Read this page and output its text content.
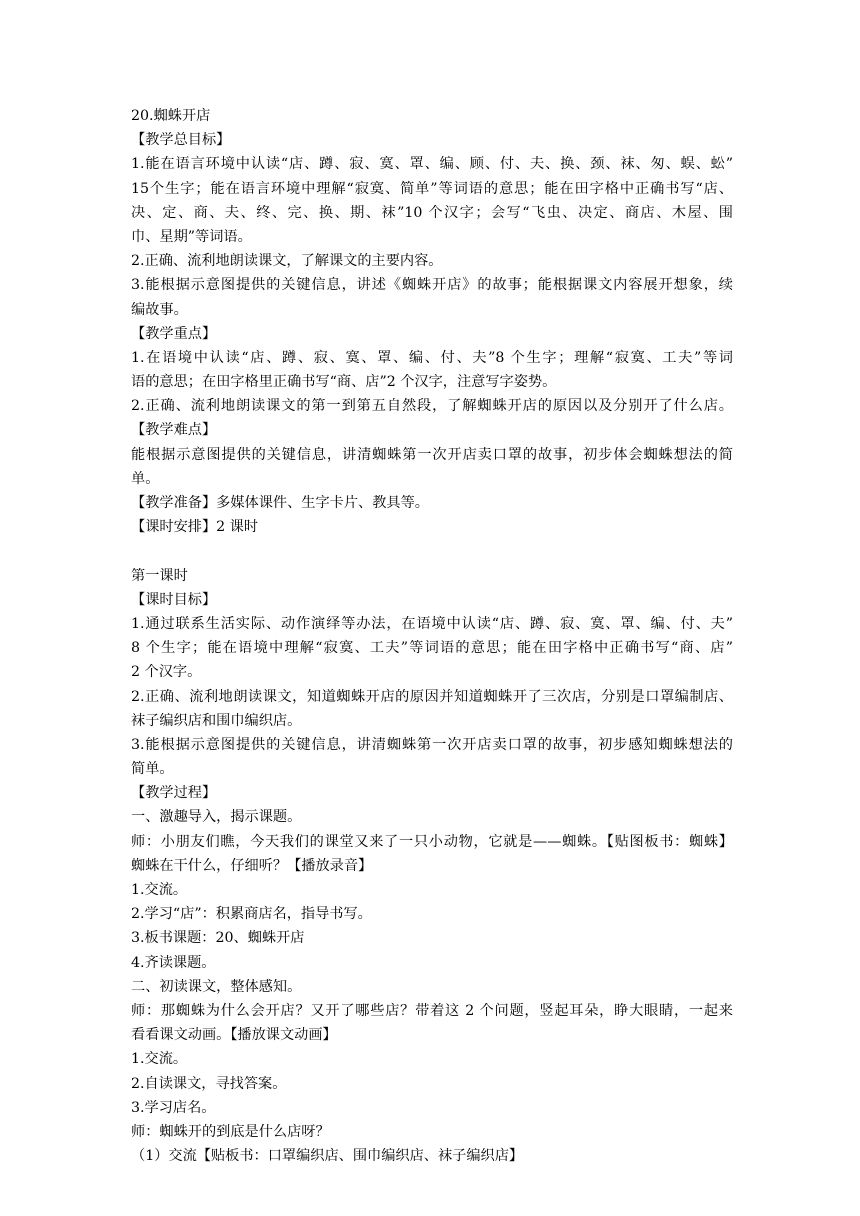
20.蜘蛛开店
【教学总目标】
1.能在语言环境中认读“店、蹲、寂、寞、罩、编、顾、付、夫、换、颈、袜、匆、蜈、蚣”
15个生字；能在语言环境中理解“寂寞、简单”等词语的意思；能在田字格中正确书写“店、
决、定、商、夫、终、完、换、期、袜”10 个汉字；会写“飞虫、决定、商店、木屋、围
巾、星期”等词语。
2.正确、流利地朗读课文，了解课文的主要内容。
3.能根据示意图提供的关键信息，讲述《蜘蛛开店》的故事；能根据课文内容展开想象，续
编故事。
【教学重点】
1.在语境中认读“店、蹲、寂、寞、罩、编、付、夫”8 个生字；理解“寂寞、工夫”等词
语的意思；在田字格里正确书写“商、店”2 个汉字，注意写字姿势。
2.正确、流利地朗读课文的第一到第五自然段，了解蜘蛛开店的原因以及分别开了什么店。
【教学难点】
能根据示意图提供的关键信息，讲清蜘蛛第一次开店卖口罩的故事，初步体会蜘蛛想法的简
单。
【教学准备】多媒体课件、生字卡片、教具等。
【课时安排】2 课时
第一课时
【课时目标】
1.通过联系生活实际、动作演绎等办法，在语境中认读“店、蹲、寂、寞、罩、编、付、夫”
8 个生字；能在语境中理解“寂寞、工夫”等词语的意思；能在田字格中正确书写“商、店”
2 个汉字。
2.正确、流利地朗读课文，知道蜘蛛开店的原因并知道蜘蛛开了三次店，分别是口罩编制店、
袜子编织店和围巾编织店。
3.能根据示意图提供的关键信息，讲清蜘蛛第一次开店卖口罩的故事，初步感知蜘蛛想法的
简单。
【教学过程】
一、激趣导入，揭示课题。
师：小朋友们瞧，今天我们的课堂又来了一只小动物，它就是——蜘蛛。【贴图板书：蜘蛛】
蜘蛛在干什么，仔细听？【播放录音】
1.交流。
2.学习“店”：积累商店名，指导书写。
3.板书课题：20、蜘蛛开店
4.齐读课题。
二、初读课文，整体感知。
师：那蜘蛛为什么会开店？又开了哪些店？带着这 2 个问题，竖起耳朵，睁大眼睛，一起来
看看课文动画。【播放课文动画】
1.交流。
2.自读课文，寻找答案。
3.学习店名。
师：蜘蛛开的到底是什么店呀？
（1）交流【贴板书：口罩编织店、围巾编织店、袜子编织店】
